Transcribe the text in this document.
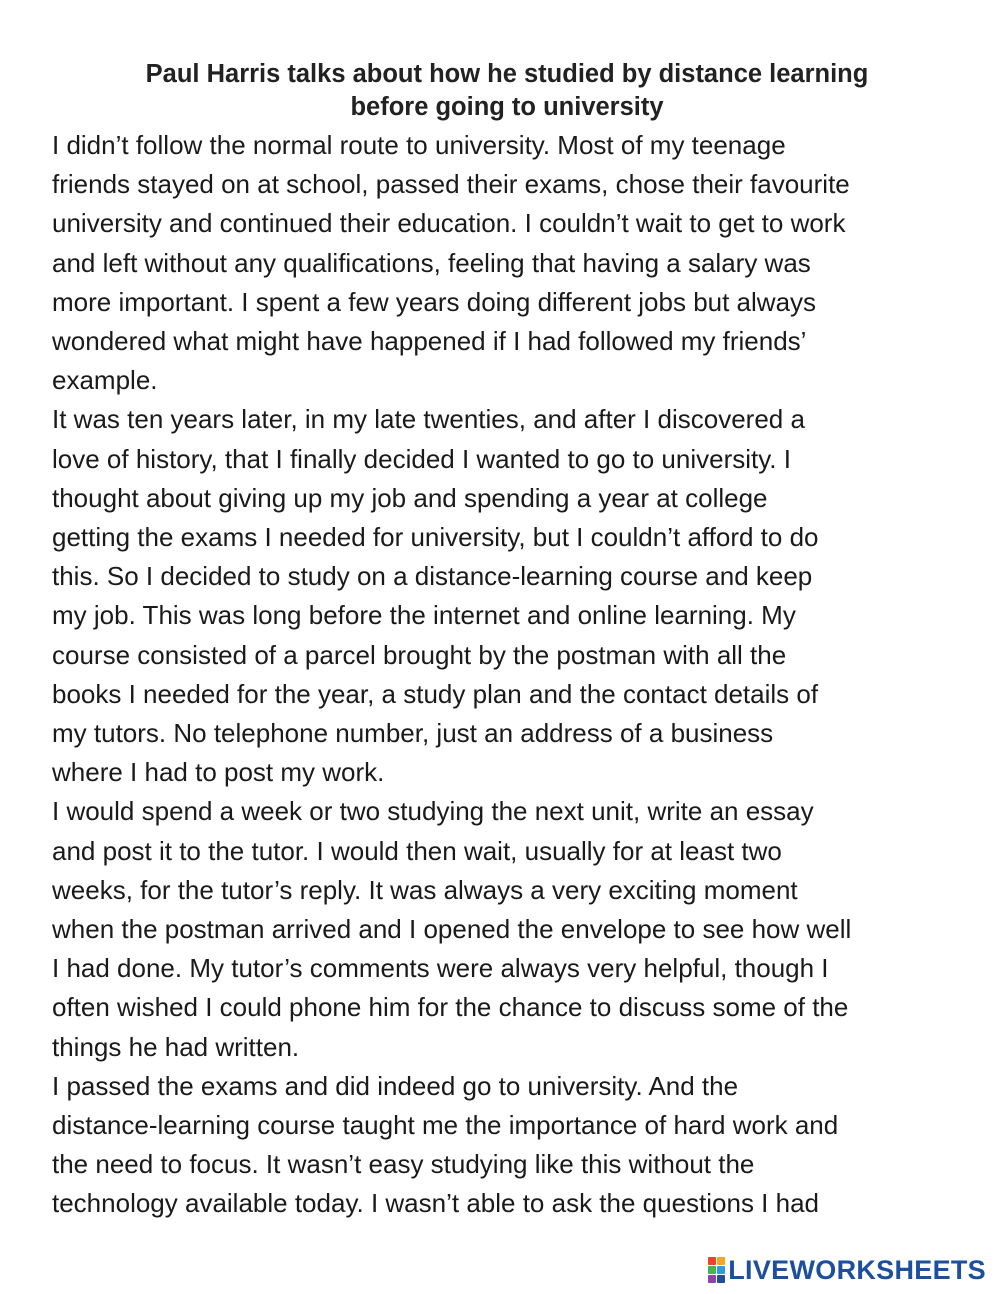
Paul Harris talks about how he studied by distance learning
before going to university
I didn’t follow the normal route to university. Most of my teenage
friends stayed on at school, passed their exams, chose their favourite
university and continued their education. I couldn’t wait to get to work
and left without any qualifications, feeling that having a salary was
more important. I spent a few years doing different jobs but always
wondered what might have happened if I had followed my friends’
example.
It was ten years later, in my late twenties, and after I discovered a
love of history, that I finally decided I wanted to go to university. I
thought about giving up my job and spending a year at college
getting the exams I needed for university, but I couldn’t afford to do
this. So I decided to study on a distance-learning course and keep
my job. This was long before the internet and online learning. My
course consisted of a parcel brought by the postman with all the
books I needed for the year, a study plan and the contact details of
my tutors. No telephone number, just an address of a business
where I had to post my work.
I would spend a week or two studying the next unit, write an essay
and post it to the tutor. I would then wait, usually for at least two
weeks, for the tutor’s reply. It was always a very exciting moment
when the postman arrived and I opened the envelope to see how well
I had done. My tutor’s comments were always very helpful, though I
often wished I could phone him for the chance to discuss some of the
things he had written.
I passed the exams and did indeed go to university. And the
distance-learning course taught me the importance of hard work and
the need to focus. It wasn’t easy studying like this without the
technology available today. I wasn’t able to ask the questions I had
LIVEWORKSHEETS
